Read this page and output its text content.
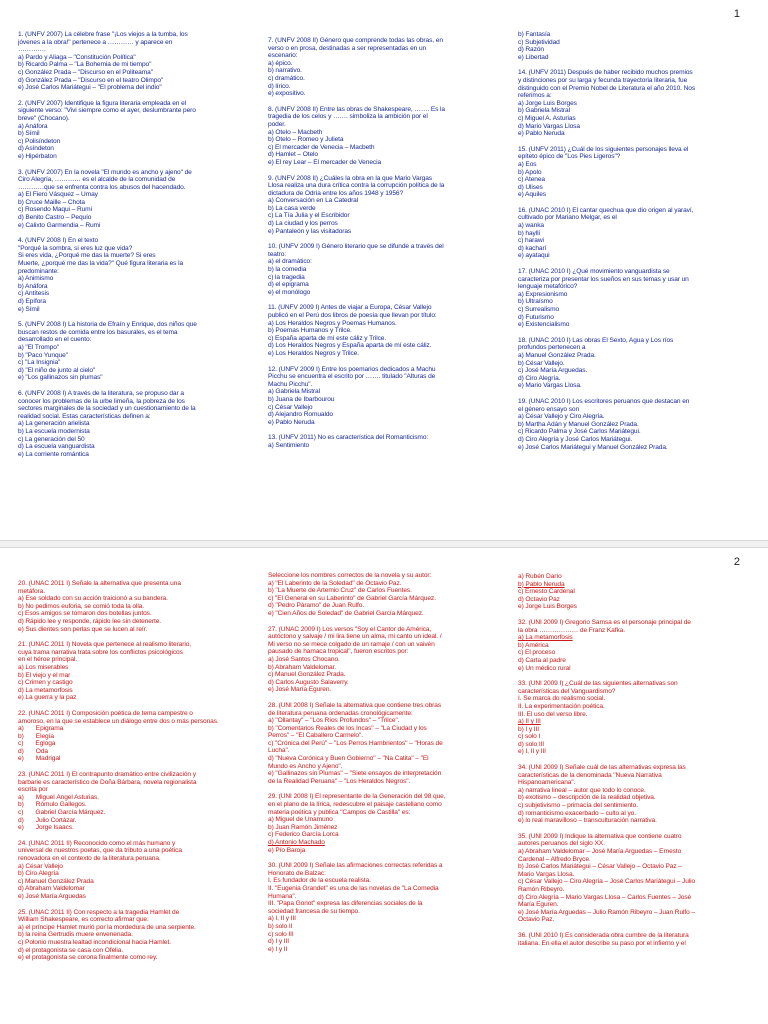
1
1. (UNFV 2007) La célebre frase "¡Los viejos a la tumba, los
jóvenes a la obra!" pertenece a ………… y aparece en
………….
a) Pardo y Aliaga – "Constitución Política"
b) Ricardo Palma – "La Bohemia de mi tiempo"
c) González Prada – "Discurso en el Politeama"
d) González Prada – "Discurso en el teatro Olimpo"
e) José Carlos Mariátegui – "El problema del indio"
2. (UNFV 2007) Identifique la figura literaria empleada en el
siguiente verso: "Vivi siempre como el ayer, deslumbrante pero
breve" (Chocano).
a) Anáfora
b) Símil
c) Polisíndeton
d) Asíndeton
e) Hipérbaton
3. (UNFV 2007) En la novela "El mundo es ancho y ajeno" de
Ciro Alegría, ………… es el alcalde de la comunidad de
…………que se enfrenta contra los abusos del hacendado.
a) El Fiero Vásquez – Umay
b) Cruce Maille – Chota
c) Rosendo Maqui – Rumi
d) Benito Castro – Pequío
e) Calixto Garmendia – Rumi
4. (UNFV 2008 I) En el texto
"Porqué la sombra, si eres luz que vida?
Si eres vida, ¿Porqué me das la muerte? Si eres
Muerte, ¿porqué me das la vida?" Qué figura literaria es la
predominante:
a) Animismo
b) Anáfora
c) Antítesis
d) Epífora
e) Símil
5. (UNFV 2008 I) La historia de Efraín y Enrique, dos niños que
buscan restos de comida entre los basurales, es el tema
desarrollado en el cuento:
a) "El Trompo"
b) "Paco Yunque"
c) "La Insignia"
d) "El niño de junto al cielo"
e) "Los gallinazos sin plumas"
6. (UNFV 2008 I) A través de la literatura, se propuso dar a
conocer los problemas de la urbe limeña, la pobreza de los
sectores marginales de la sociedad y un cuestionamiento de la
realidad social. Estas características definen a:
a) La generación arielista
b) La escuela modernista
c) La generación del 50
d) La escuela vanguardista
e) La corriente romántica
7. (UNFV 2008 II) Género que comprende todas las obras, en
verso o en prosa, destinadas a ser representadas en un
escenario:
a) épico.
b) narrativo.
c) dramático.
d) lírico.
e) expositivo.
8. (UNFV 2008 II) Entre las obras de Shakespeare, ……. Es la
tragedia de los celos y ……. simboliza la ambición por el
poder.
a) Otelo – Macbeth
b) Otelo – Romeo y Julieta
c) El mercader de Venecia – Macbeth
d) Hamlet – Otelo
e) El rey Lear – El mercader de Venecia
9. (UNFV 2008 II) ¿Cuáles la obra en la que Mario Vargas
Llosa realiza una dura crítica contra la corrupción política de la
dictadura de Odría entre los años 1948 y 1956?
a) Conversación en La Catedral
b) La casa verde
c) La Tía Julia y el Escribidor
d) La ciudad y los perros
e) Pantaleón y las visitadoras
10. (UNFV 2009 I) Género literario que se difunde a través del
teatro:
a) el dramático:
b) la comedia
c) la tragedia
d) el epigrama
e) el monólogo
11. (UNFV 2009 I) Antes de viajar a Europa, César Vallejo
publicó en el Perú dos libros de poesía que llevan por título:
a) Los Heraldos Negros y Poemas Humanos.
b) Poemas Humanos y Trilce.
c) España aparta de mí este cáliz y Trilce.
d) Los Heraldos Negros y España aparta de mí este cáliz.
e) Los Heraldos Negros y Trilce.
12. (UNFV 2009 I) Entre los poemarios dedicados a Machu
Picchu se encuentra el escrito por ……. titulado "Alturas de
Machu Picchu".
a) Gabriela Mistral
b) Juana de Ibarbourou
c) César Vallejo
d) Alejandro Romualdo
e) Pablo Neruda
13. (UNFV 2011) No es característica del Romanticismo:
a) Sentimiento
b) Fantasía
c) Subjetividad
d) Razón
e) Libertad
14. (UNFV 2011) Después de haber recibido muchos premios
y distinciones por su larga y fecunda trayectoria literaria, fue
distinguido con el Premio Nobel de Literatura el año 2010. Nos
referimos a:
a) Jorge Luis Borges
b) Gabriela Mistral
c) Miguel A. Asturias
d) Mario Vargas Llosa
e) Pablo Neruda
15. (UNFV 2011) ¿Cuál de los siguientes personajes lleva el
epíteto épico de "Los Pies Ligeros"?
a) Eos
b) Apolo
c) Atenea
d) Ulises
e) Aquiles
16. (UNAC 2010 I) El cantar quechua que dio origen al yaraví,
cultivado por Mariano Melgar, es el
a) wanka
b) haylli
c) harawi
d) kacharí
e) ayataqui
17. (UNAC 2010 I) ¿Qué movimiento vanguardista se
caracteriza por presentar los sueños en sus temas y usar un
lenguaje metafórico?
a) Expresionismo
b) Ultraísmo
c) Surrealismo
d) Futurismo
e) Existencialismo
18. (UNAC 2010 I) Las obras El Sexto, Agua y Los ríos
profundos pertenecen a
a) Manuel González Prada.
b) César Vallejo.
c) José María Arguedas.
d) Ciro Alegría.
e) Mario Vargas Llosa.
19. (UNAC 2010 I) Los escritores peruanos que destacan en
el género ensayo son
a) César Vallejo y Ciro Alegría.
b) Martha Adán y Manuel González Prada.
c) Ricardo Palma y José Carlos Mariátegui.
d) Ciro Alegría y José Carlos Mariátegui.
e) José Carlos Mariátegui y Manuel González Prada.
2
20. (UNAC 2011 I) Señale la alternativa que presenta una
metáfora.
a) Ese soldado con su acción traicionó a su bandera.
b) No pedimos euforia, se comió toda la olla.
c) Esos amigos se tomaron dos botellas juntos.
d) Rápido lee y responde, rápido lee sin detenerte.
e) Sus dientes son perlas que se lucen al reír.
21. (UNAC 2011 I) Novela que pertenece al realismo literario,
cuya trama narrativa trata sobre los conflictos psicológicos
en el héroe principal.
a) Los miserables
b) El viejo y el mar
c) Crimen y castigo
d) La metamorfosis
e) La guerra y la paz
22. (UNAC 2011 I) Composición poética de tema campestre o
amoroso, en la que se establece un diálogo entre dos o más personas.
a)       Epigrama
b)       Elegía
c)       Égloga
d)       Oda
e)       Madrigal
23. (UNAC 2011 I) El contrapunto dramático entre civilización y
barbarie es característico de Doña Bárbara, novela regionalista
escrita por
a)       Miguel Ángel Asturias.
b)       Rómulo Gallegos.
c)       Gabriel García Márquez.
d)       Julio Cortázar.
e)       Jorge Isaacs.
24. (UNAC 2011 II) Reconocido como el más humano y
universal de nuestros poetas, que da tributo a una poética
renovadora en el contexto de la literatura peruana.
a) César Vallejo
b) Ciro Alegría
c) Manuel González Prada
d) Abraham Valdelomar
e) José María Arguedas
25. (UNAC 2011 II) Con respecto a la tragedia Hamlet de
William Shakespeare, es correcto afirmar que:
a) el príncipe Hamlet murió por la mordedura de una serpiente.
b) la reina Gertrudis muere envenenada.
c) Polonio muestra lealtad incondicional hacia Hamlet.
d) el protagonista se casa con Ofelia.
e) el protagonista se corona finalmente como rey.
Seleccione los nombres correctos de la novela y su autor:
a) "El Laberinto de la Soledad" de Octavio Paz.
b) "La Muerte de Artemio Cruz" de Carlos Fuentes.
c) "El General en su Laberinto" de Gabriel García Márquez.
d) "Pedro Páramo" de Juan Rulfo.
e) "Cien Años de Soledad" de Gabriel García Márquez.
27. (UNAC 2009 I) Los versos "Soy el Cantor de América,
autóctono y salvaje / mi lira tiene un alma, mi canto un ideal. /
Mi verso no se mece colgado de un ramaje / con un vaivén
pausado de hamaca tropical", fueron escritos por:
a) José Santos Chocano.
b) Abraham Valdelomar.
c) Manuel González Prada.
d) Carlos Augusto Salaverry.
e) José María Eguren.
28. (UNI 2008 I) Señale la alternativa que contiene tres obras
de literatura peruana ordenadas cronológicamente:
a) "Ollantay" – "Los Ríos Profundos" – "Trilce".
b) "Comentarios Reales de los Incas" – "La Ciudad y los
Perros" – "El Caballero Carmelo".
c) "Crónica del Perú" – "Los Perros Hambrientos" – "Horas de
Lucha".
d) "Nueva Corónica y Buen Gobierno" – "Ña Catita" – "El
Mundo es Ancho y Ajeno".
e) "Gallinazos sin Plumas" – "Siete ensayos de interpretación
de la Realidad Peruana" – "Los Heraldos Negros".
29. (UNI 2008 I) El representante de la Generación del 98 que,
en el plano de la lírica, redescubre el paisaje castellano como
materia poética y publica "Campos de Castilla" es:
a) Miguel de Unamuno
b) Juan Ramón Jiménez
c) Federico García Lorca
d) Antonio Machado
e) Pío Baroja
30. (UNI 2009 I) Señale las afirmaciones correctas referidas a
Honorato de Balzac:
I. Es fundador de la escuela realista.
II. "Eugenia Grandet" es una de las novelas de "La Comedia
Humana".
III. "Papa Goriot" expresa las diferencias sociales de la
sociedad francesa de su tiempo.
a) I, II y III
b) solo II
c) solo III
d) I y III
e) I y II
a) Rubén Darío
b) Pablo Neruda
c) Ernesto Cardenal
d) Octavio Paz
e) Jorge Luis Borges
32. (UNI 2009 I) Gregorio Samsa es el personaje principal de
la obra ……………… de Franz Kafka.
a) La metamorfosis
b) América
c) El proceso
d) Carta al padre
e) Un médico rural
33. (UNI 2009 I) ¿Cuál de las siguientes alternativas son
características del Vanguardismo?
I. Se marca do realismo social.
II. La experimentación poética.
III. El uso del verso libre.
a) II y III
b) I y III
c) solo I
d) solo III
e) I, II y III
34. (UNI 2009 I) Señale cuál de las alternativas expresa las
características de la denominada "Nueva Narrativa
Hispanoamericana".
a) narrativa lineal – autor que todo lo conoce.
b) exotismo – descripción de la realidad objetiva.
c) subjetivismo – primacía del sentimiento.
d) romanticismo exacerbado – culto al yo.
e) lo real maravilloso – transculturación narrativa.
35. (UNI 2009 I) Indique la alternativa que contiene cuatro
autores peruanos del siglo XX.
a) Abraham Valdelomar – José María Arguedas – Ernesto
Cardenal – Alfredo Bryce.
b) José Carlos Mariátegui – César Vallejo – Octavio Paz –
Mario Vargas Llosa.
c) César Vallejo – Ciro Alegría – José Carlos Mariátegui – Julio
Ramón Ribeyro.
d) Ciro Alegría – Mario Vargas Llosa – Carlos Fuentes – José
María Eguren.
e) José María Arguedas – Julio Ramón Ribeyro – Juan Rulfo –
Octavio Paz.
36. (UNI 2010 I) Es considerada obra cumbre de la literatura
italiana. En ella el autor describe su paso por el infierno y el
